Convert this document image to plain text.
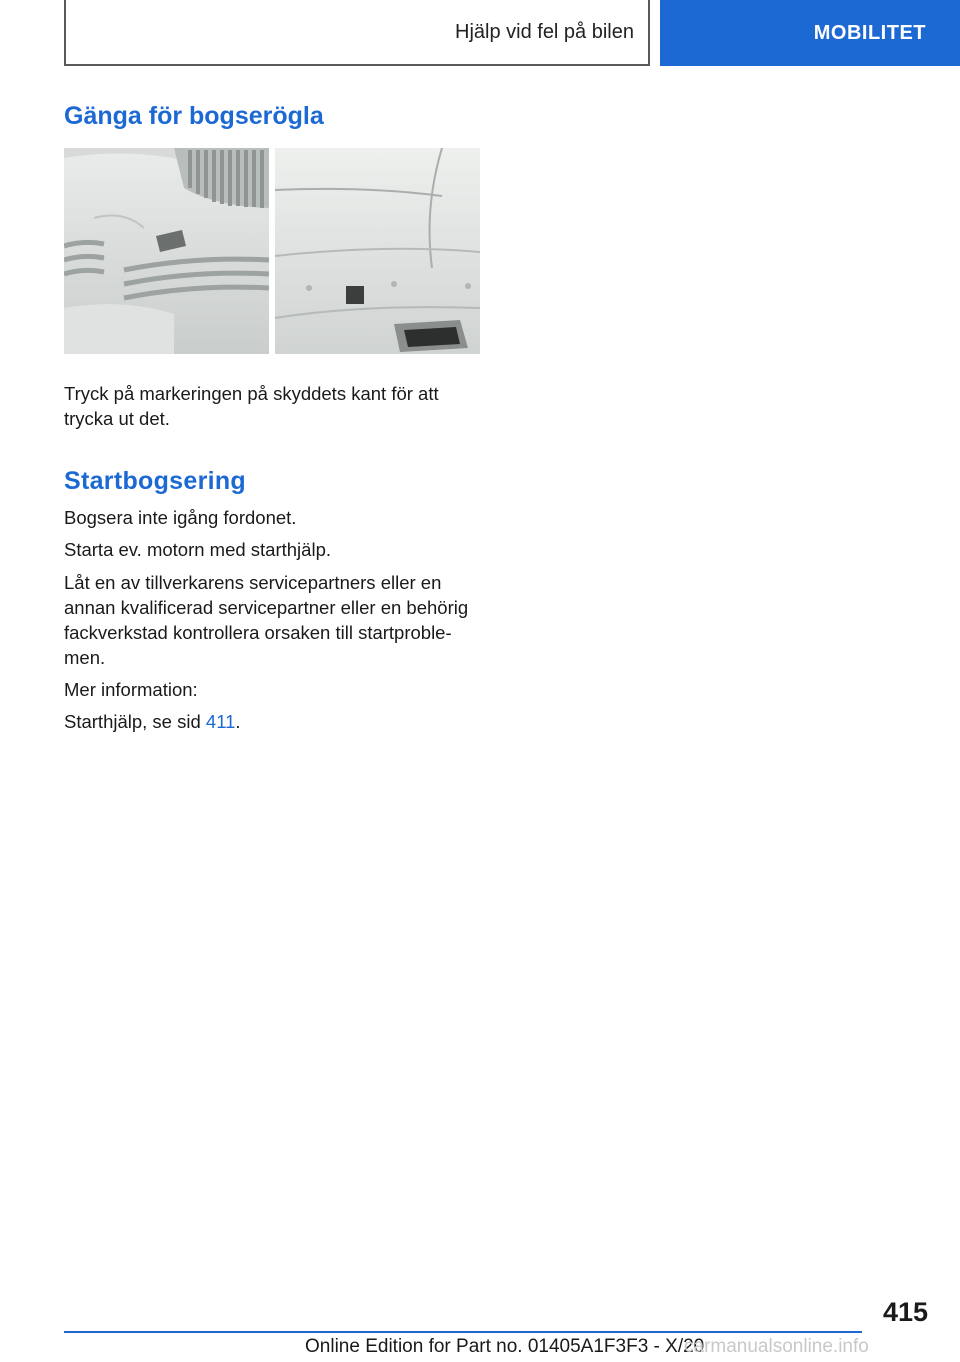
Hjälp vid fel på bilen	MOBILITET
Gänga för bogserögla
Tryck på markeringen på skyddets kant för att trycka ut det.
Startbogsering
Bogsera inte igång fordonet.
Starta ev. motorn med starthjälp.
Låt en av tillverkarens servicepartners eller en annan kvalificerad servicepartner eller en behörig fackverkstad kontrollera orsaken till startproble-men.
Mer information:
Starthjälp, se sid 411.
415
Online Edition for Part no. 01405A1F3F3 - X/20
carmanualsonline.info
